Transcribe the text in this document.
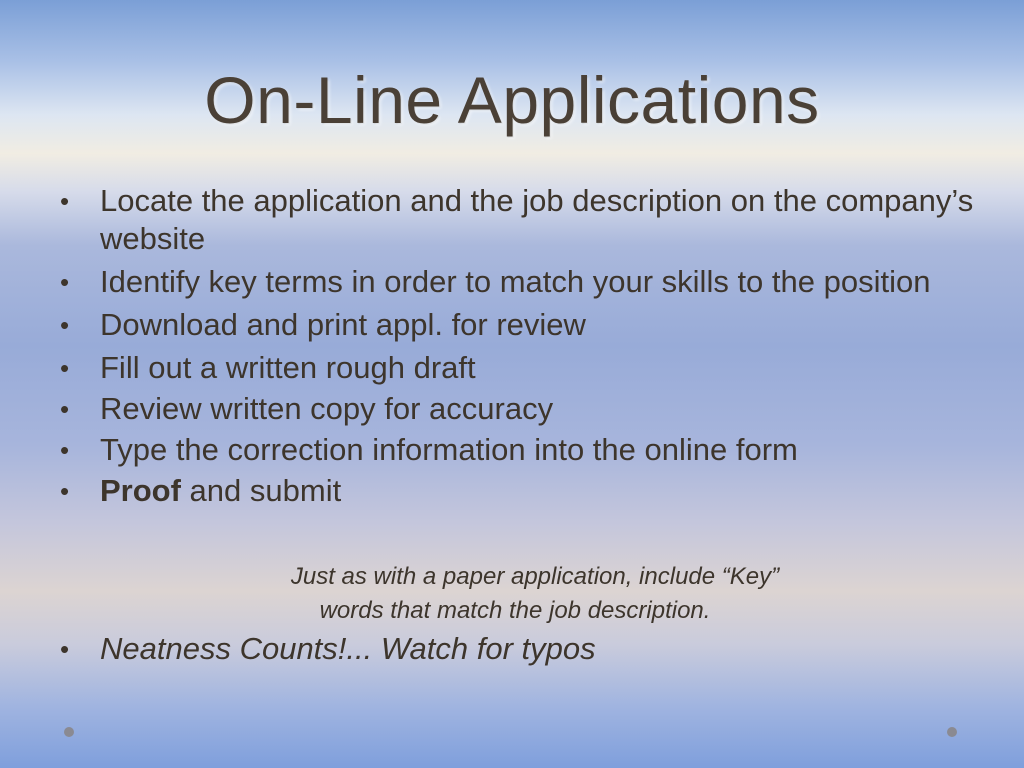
On-Line Applications
• Locate the application and the job description on the company’s website
• Identify key terms in order to match your skills to the position
• Download and print appl. for review
• Fill out a written rough draft
• Review written copy for accuracy
• Type the correction information into the online form
• Proof and submit
Just as with a paper application, include “Key”
words that match the job description.
• Neatness Counts!... Watch for typos
